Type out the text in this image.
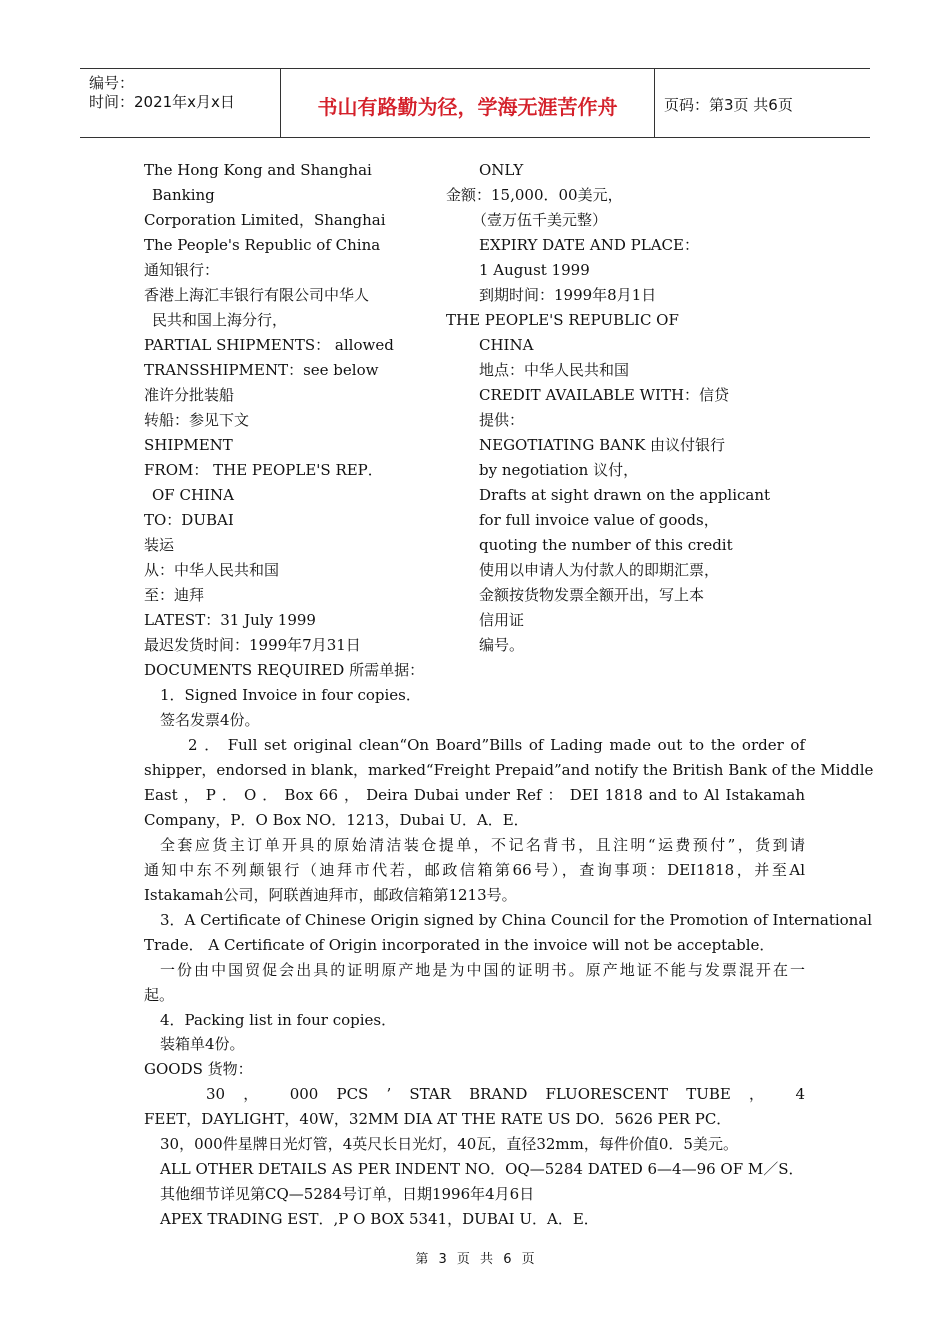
编号：
时间：2021年x月x日	书山有路勤为径，学海无涯苦作舟	页码：第3页 共6页
The Hong Kong and Shanghai
Banking
Corporation Limited，Shanghai
The People's Republic of China
通知银行：
香港上海汇丰银行有限公司中华人
民共和国上海分行，
PARTIAL SHIPMENTS： allowed
TRANSSHIPMENT：see below
准许分批装船
转船：参见下文
SHIPMENT
FROM： THE PEOPLE'S REP．
OF CHINA
TO：DUBAI
装运
从：中华人民共和国
至：迪拜
LATEST：31 July 1999
最迟发货时间：1999年7月31日
DOCUMENTS REQUIRED 所需单据：
ONLY
金额：15,000．00美元，
（壹万伍千美元整）
EXPIRY DATE AND PLACE：
1 August 1999
到期时间：1999年8月1日
THE PEOPLE'S REPUBLIC OF
CHINA
地点：中华人民共和国
CREDIT AVAILABLE WITH：信贷
提供：
NEGOTIATING BANK 由议付银行
by negotiation 议付，
Drafts at sight drawn on the applicant
for full invoice value of goods，
quoting the number of this credit
使用以申请人为付款人的即期汇票，
金额按货物发票全额开出，写上本
信用证
编号。
1．Signed Invoice in four copies．
签名发票4份。
2 ． Full set original clean“On Board”Bills of Lading made out to the order of
shipper，endorsed in blank，marked“Freight Prepaid”and notify the British Bank of the Middle
East ， P ． O ． Box 66 ， Deira Dubai under Ref ： DEI 1818 and to Al Istakamah
Company，P．O Box NO．1213，Dubai U．A．E．
全套应货主订单开具的原始清洁装仓提单，不记名背书，且注明“运费预付”，货到请
通知中东不列颠银行（迪拜市代若，邮政信箱第66号），查询事项：DEI1818，并至Al
Istakamah公司，阿联酋迪拜市，邮政信箱第1213号。
3．A Certificate of Chinese Origin signed by China Council for the Promotion of International
Trade． A Certificate of Origin incorporated in the invoice will not be acceptable．
一份由中国贸促会出具的证明原产地是为中国的证明书。原产地证不能与发票混开在一
起。
4．Packing list in four copies．
装箱单4份。
GOODS 货物：
30 ， 000 PCS ’ STAR BRAND FLUORESCENT TUBE ， 4
FEET，DAYLIGHT，40W，32MM DIA AT THE RATE US DO．5626 PER PC．
30，000件星牌日光灯管，4英尺长日光灯，40瓦，直径32mm，每件价值0．5美元。
ALL OTHER DETAILS AS PER INDENT NO．OQ—5284 DATED 6—4—96 OF M／S．
其他细节详见第CQ—5284号订单，日期1996年4月6日
APEX TRADING EST．,P O BOX 5341，DUBAI U．A．E．
第 3 页 共 6 页
